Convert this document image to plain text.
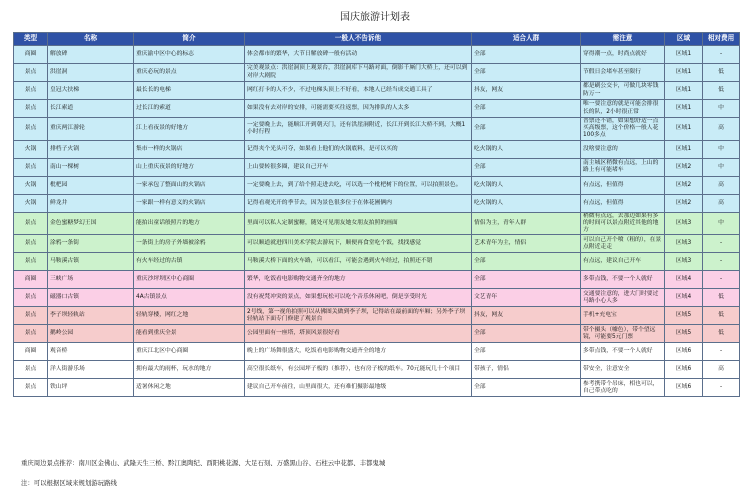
国庆旅游计划表
类型	名称	简介	一般人不告诉他	适合人群	需注意	区域	相对费用
商圈	解放碑	重庆渝中区中心的标志	体会都市的繁华，大节日解放碑一般有活动	全部	穿得潮一点，时尚点就好	区域1	-
景点	洪崖洞	重庆必玩的景点	完美观景点：洪崖洞顶上观景台，洪崖洞库下马路对面，倒影千厮门大桥上，还可以到对岸大剧院	全部	节假日会堵车甚至限行	区域1	低
景点	皇冠大扶梯	最长长的电梯	网红打卡的人不少，不过电梯头顶上不好看，本地人已经当成交通工具了	抖友，网友	都是刷公交卡，可做几块零钱防万一	区域1	低
景点	长江索道	过长江的索道	如果没有去对岸的安排，可能需要买往返票，因为排队的人太多	全部	唯一要注意的就是可能会排很长的队，2小时很正常	区域1	中
景点	重庆两江游轮	江上看夜景的好地方	一定要晚上去，能顺江开到朝天门，还有洪崖洞附近，长江开到长江大桥不到，大概1小时行程	全部	普票还不错，如果想舒适一点买高级票，这个价格一般人花100多点	区域1	高
火锅	排档子火锅	集市一样的火锅店	记得夹个光头可夺，如果看上他们的火锅底料，是可以买的	吃火锅的人	没啥要注意的	区域1	中
景点	南山一棵树	山上重庆夜景的好地方	上山要转很多圈，建议自己开车	全部	南主城区稍微有点远，上山的路上有可能堵车	区域2	中
火锅	枇杷园	一家承包了整面山的火锅店	一定要晚上去，到了给个照走进去吃，可以选一个枇杷树下的位置，可以拍照景色。	吃火锅的人	有点远，但值得	区域2	高
火锅	鲜龙井	一家跟一样有意义的火锅店	记得看观光开的季节去，因为景色很多位于在体花圃俩内	吃火锅的人	有点远，但值得	区域2	高
景点	金色蜜糖梦幻王国	能拍出童话般照片的地方	里面可以私人定制蜜糖，随处可见朋友她女朋友拍照的画面	情侣为主，青年人群	稍微有点远，去那边如果有多的时间可以景点附近其他的地方	区域3	中
景点	涂鸦一条街	一条街上的房子外墙被涂鸦	可以顺道就进四川美术学院去游玩下，顺便再食堂吃个饭，找找感觉	艺术青年为主，情侣	可以自己开个喷（租的），在景点附近走走	区域3	-
景点	马鞍溪古镇	有火车经过的古镇	马鞍溪大桥下面的火车路，可以看江，可能会遇到火车经过，拍照还不错	全部	有点远，建议自己开车	区域3	-
商圈	三峡广场	重庆沙坪坝区中心商圈	繁华，吃饭看电影购物交通齐全的地方	全部	多带点钱，不要一个人就好	区域4	-
景点	磁器口古镇	4A古镇景点	没有祝梵冲突的景点，如果想玩松可以吃个音乐休闲吧，倒是享受时光	文艺青年	交通要注意的，进大门时要过马路小心人多	区域4	低
景点	李子坝轻轨站	轻轨穿楼，网红之地	2号线，第一视角拍照可以从佛图关做到李子坝，记得站在最前面的车厢；另外李子坝轻轨站下面专门修建了观景台	抖友，网友	手机+充电宝	区域5	低
景点	鹅岭公园	能看到重庆全景	公园里面有一座塔，塔顶风景很好看	全部	带个摄头（噱色），带个望远镜，可能要5元门票	区域5	低
商圈	观音桥	重庆江北区中心商圈	晚上的广场舞很盛大，吃饭看电影购物交通齐全的地方	全部	多带点钱，不要一个人就好	区域6	-
景点	洋人街游乐场	拥有最大的雨杯，玩水的地方	高空很长纸车，有公园坪子板的（推荐），也有房子板的纸车。70元能玩几十个项目	带孩子，情侣	带安全，注意安全	区域6	高
景点	铁山坪	适暑休闲之地	建议自己开车前往，山里面很大，还有难们摄影最地级	全部	参考携带个吊床，相也可以，自己带点吃的	区域6	-
重庆周边景点推荐：南川区金佛山、武隆天生三桥、黔江奥陶纪、酉阳桃花源、大足石刻、万盛黑山谷、石柱云中花都、丰都鬼城
注：可以根据区域来规划游玩路线
